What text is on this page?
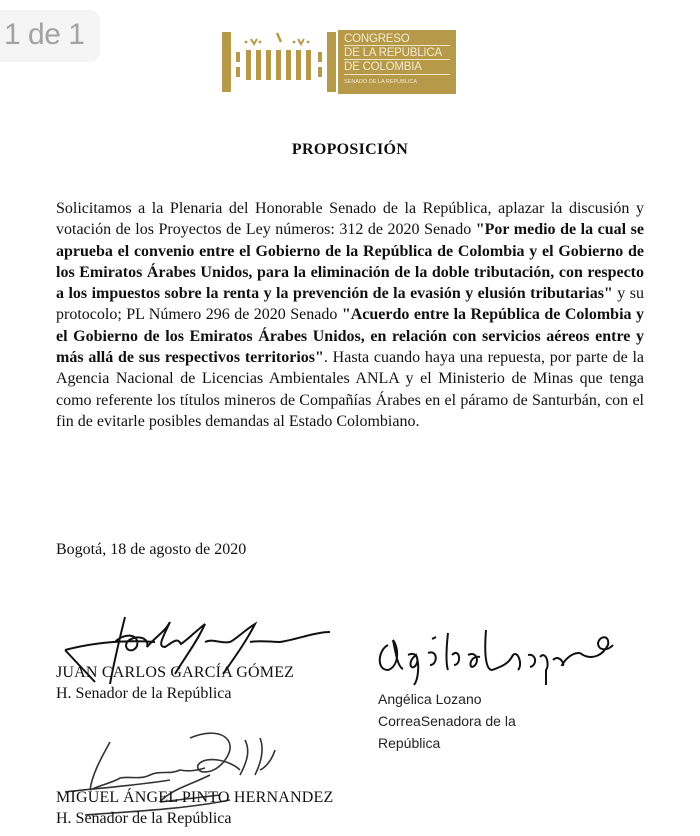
1 de 1	CONGRESO
DE LA REPUBLICA
DE COLOMBIA
SENADO DE LA REPUBLICA
PROPOSICIÓN
Solicitamos a la Plenaria del Honorable Senado de la República, aplazar la discusión y votación de los Proyectos de Ley números: 312 de 2020 Senado "Por medio de la cual se aprueba el convenio entre el Gobierno de la República de Colombia y el Gobierno de los Emiratos Árabes Unidos, para la eliminación de la doble tributación, con respecto a los impuestos sobre la renta y la prevención de la evasión y elusión tributarias" y su protocolo; PL Número 296 de 2020 Senado "Acuerdo entre la República de Colombia y el Gobierno de los Emiratos Árabes Unidos, en relación con servicios aéreos entre y más allá de sus respectivos territorios". Hasta cuando haya una repuesta, por parte de la Agencia Nacional de Licencias Ambientales ANLA y el Ministerio de Minas que tenga como referente los títulos mineros de Compañías Árabes en el páramo de Santurbán, con el fin de evitarle posibles demandas al Estado Colombiano.
Bogotá, 18 de agosto de 2020
JUAN CARLOS GARCÍA GÓMEZ
H. Senador de la República	Angélica Lozano
CorreaSenadora de la
República
MIGUEL ÁNGEL PINTO HERNANDEZ
H. Senador de la República
